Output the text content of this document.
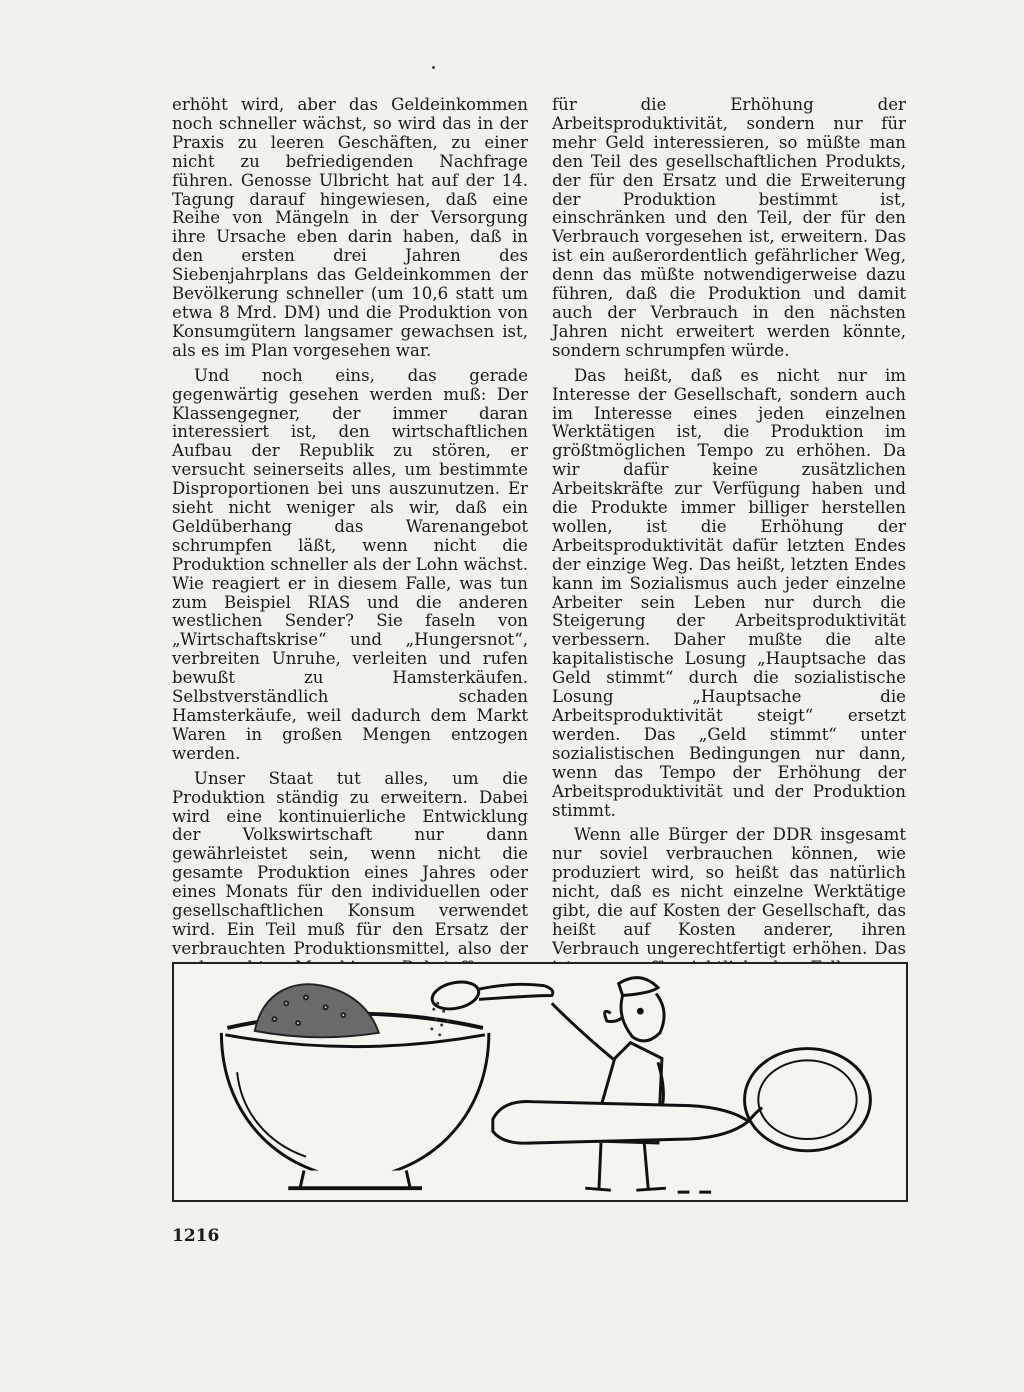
erhöht wird, aber das Geldeinkommen noch schneller wächst, so wird das in der Praxis zu leeren Geschäften, zu einer nicht zu befriedigenden Nachfrage führen. Genosse Ulbricht hat auf der 14. Tagung darauf hingewiesen, daß eine Reihe von Mängeln in der Versorgung ihre Ursache eben darin haben, daß in den ersten drei Jahren des Siebenjahrplans das Geldeinkommen der Bevölkerung schneller (um 10,6 statt um etwa 8 Mrd. DM) und die Produktion von Konsumgütern langsamer gewachsen ist, als es im Plan vorgesehen war.

Und noch eins, das gerade gegenwärtig gesehen werden muß: Der Klassengegner, der immer daran interessiert ist, den wirtschaftlichen Aufbau der Republik zu stören, er versucht seinerseits alles, um bestimmte Disproportionen bei uns auszunutzen. Er sieht nicht weniger als wir, daß ein Geldüberhang das Warenangebot schrumpfen läßt, wenn nicht die Produktion schneller als der Lohn wächst. Wie reagiert er in diesem Falle, was tun zum Beispiel RIAS und die anderen westlichen Sender? Sie faseln von „Wirtschaftskrise“ und „Hungersnot“, verbreiten Unruhe, verleiten und rufen bewußt zu Hamsterkäufen. Selbstverständlich schaden Hamsterkäufe, weil dadurch dem Markt Waren in großen Mengen entzogen werden.

Unser Staat tut alles, um die Produktion ständig zu erweitern. Dabei wird eine kontinuierliche Entwicklung der Volkswirtschaft nur dann gewährleistet sein, wenn nicht die gesamte Produktion eines Jahres oder eines Monats für den individuellen oder gesellschaftlichen Konsum verwendet wird. Ein Teil muß für den Ersatz der verbrauchten Produktionsmittel, also der

für die Erhöhung der Arbeitsproduktivität, sondern nur für mehr Geld interessieren, so müßte man den Teil des gesellschaftlichen Produkts, der für den Ersatz und die Erweiterung der Produktion bestimmt ist, einschränken und den Teil, der für den Verbrauch vorgesehen ist, erweitern. Das ist ein außerordentlich gefährlicher Weg, denn das müßte notwendigerweise dazu führen, daß die Produktion und damit auch der Verbrauch in den nächsten Jahren nicht erweitert werden könnte, sondern schrumpfen würde.

Das heißt, daß es nicht nur im Interesse der Gesellschaft, sondern auch im Interesse eines jeden einzelnen Werktätigen ist, die Produktion im größtmöglichen Tempo zu erhöhen. Da wir dafür keine zusätzlichen Arbeitskräfte zur Verfügung haben und die Produkte immer billiger herstellen wollen, ist die Erhöhung der Arbeitsproduktivität dafür letzten Endes der einzige Weg. Das heißt, letzten Endes kann im Sozialismus auch jeder einzelne Arbeiter sein Leben nur durch die Steigerung der Arbeitsproduktivität verbessern. Daher mußte die alte kapitalistische Losung „Hauptsache das Geld stimmt“ durch die sozialistische Losung „Hauptsache die Arbeitsproduktivität steigt“ ersetzt werden. Das „Geld stimmt“ unter sozialistischen Bedingungen nur dann, wenn das Tempo der Erhöhung der Arbeitsproduktivität und der Produktion stimmt.

Wenn alle Bürger der DDR insgesamt nur soviel verbrauchen können, wie produziert wird, so heißt das natürlich nicht, daß es nicht einzelne Werktätige gibt, die auf Kosten der Gesellschaft, das heißt auf Kosten anderer, ihren Verbrauch ungerechtfertigt erhöhen. Das

1216
